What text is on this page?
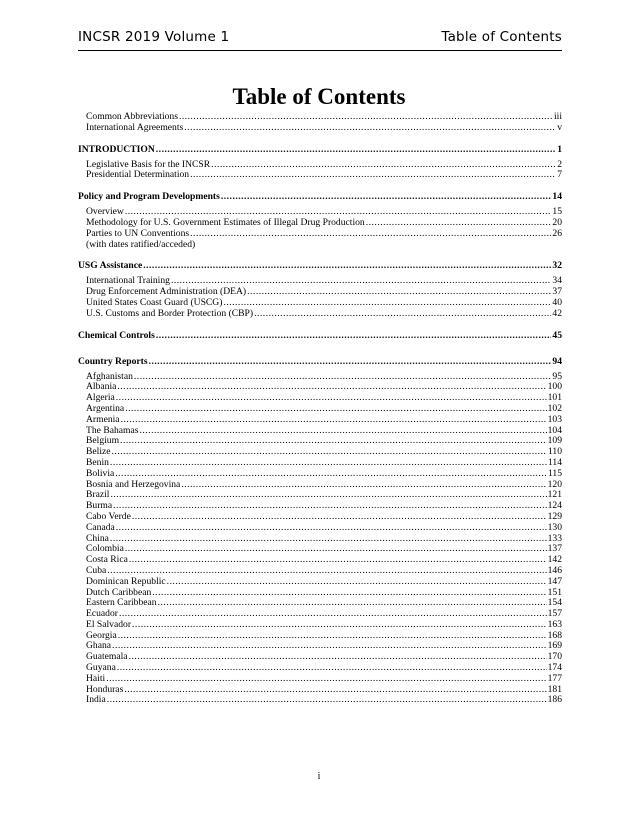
INCSR 2019 Volume 1	Table of Contents
Table of Contents
Common Abbreviations .....	iii
International Agreements .....	v
INTRODUCTION .....	1
Legislative Basis for the INCSR .....	2
Presidential Determination .....	7
Policy and Program Developments .....	14
Overview .....	15
Methodology for U.S. Government Estimates of Illegal Drug Production .....	20
Parties to UN Conventions .....	26
(with dates ratified/acceded)
USG Assistance .....	32
International Training .....	34
Drug Enforcement Administration (DEA) .....	37
United States Coast Guard (USCG) .....	40
U.S. Customs and Border Protection (CBP) .....	42
Chemical Controls .....	45
Country Reports .....	94
Afghanistan .....	95
Albania .....	100
Algeria .....	101
Argentina .....	102
Armenia .....	103
The Bahamas .....	104
Belgium .....	109
Belize .....	110
Benin .....	114
Bolivia .....	115
Bosnia and Herzegovina .....	120
Brazil .....	121
Burma .....	124
Cabo Verde .....	129
Canada .....	130
China .....	133
Colombia .....	137
Costa Rica .....	142
Cuba .....	146
Dominican Republic .....	147
Dutch Caribbean .....	151
Eastern Caribbean .....	154
Ecuador .....	157
El Salvador .....	163
Georgia .....	168
Ghana .....	169
Guatemala .....	170
Guyana .....	174
Haiti .....	177
Honduras .....	181
India .....	186
i
